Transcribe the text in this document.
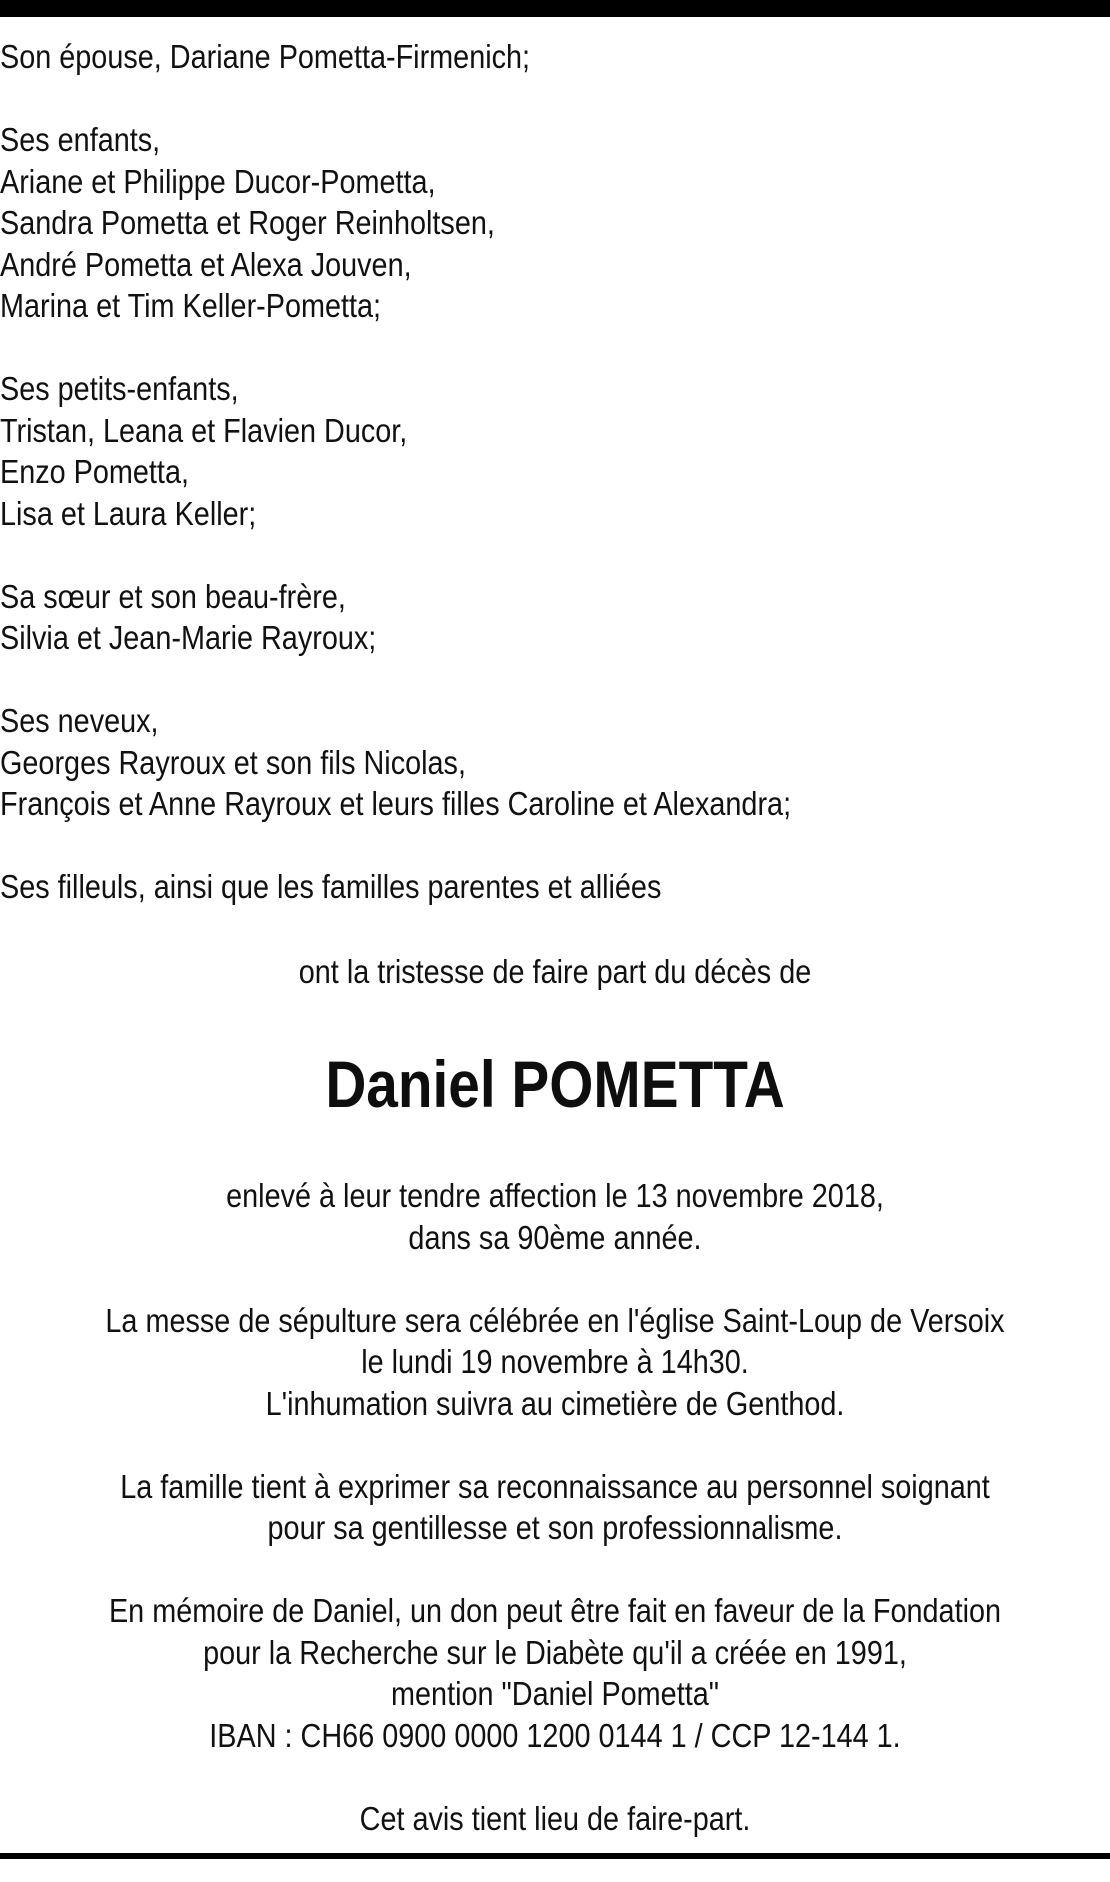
Son épouse, Dariane Pometta-Firmenich;
Ses enfants,
Ariane et Philippe Ducor-Pometta,
Sandra Pometta et Roger Reinholtsen,
André Pometta et Alexa Jouven,
Marina et Tim Keller-Pometta;
Ses petits-enfants,
Tristan, Leana et Flavien Ducor,
Enzo Pometta,
Lisa et Laura Keller;
Sa sœur et son beau-frère,
Silvia et Jean-Marie Rayroux;
Ses neveux,
Georges Rayroux et son fils Nicolas,
François et Anne Rayroux et leurs filles Caroline et Alexandra;
Ses filleuls, ainsi que les familles parentes et alliées
ont la tristesse de faire part du décès de
Daniel POMETTA
enlevé à leur tendre affection le 13 novembre 2018,
dans sa 90ème année.
La messe de sépulture sera célébrée en l'église Saint-Loup de Versoix
le lundi 19 novembre à 14h30.
L'inhumation suivra au cimetière de Genthod.
La famille tient à exprimer sa reconnaissance au personnel soignant
pour sa gentillesse et son professionnalisme.
En mémoire de Daniel, un don peut être fait en faveur de la Fondation
pour la Recherche sur le Diabète qu'il a créée en 1991,
mention "Daniel Pometta"
IBAN : CH66 0900 0000 1200 0144 1 / CCP 12-144 1.
Cet avis tient lieu de faire-part.
